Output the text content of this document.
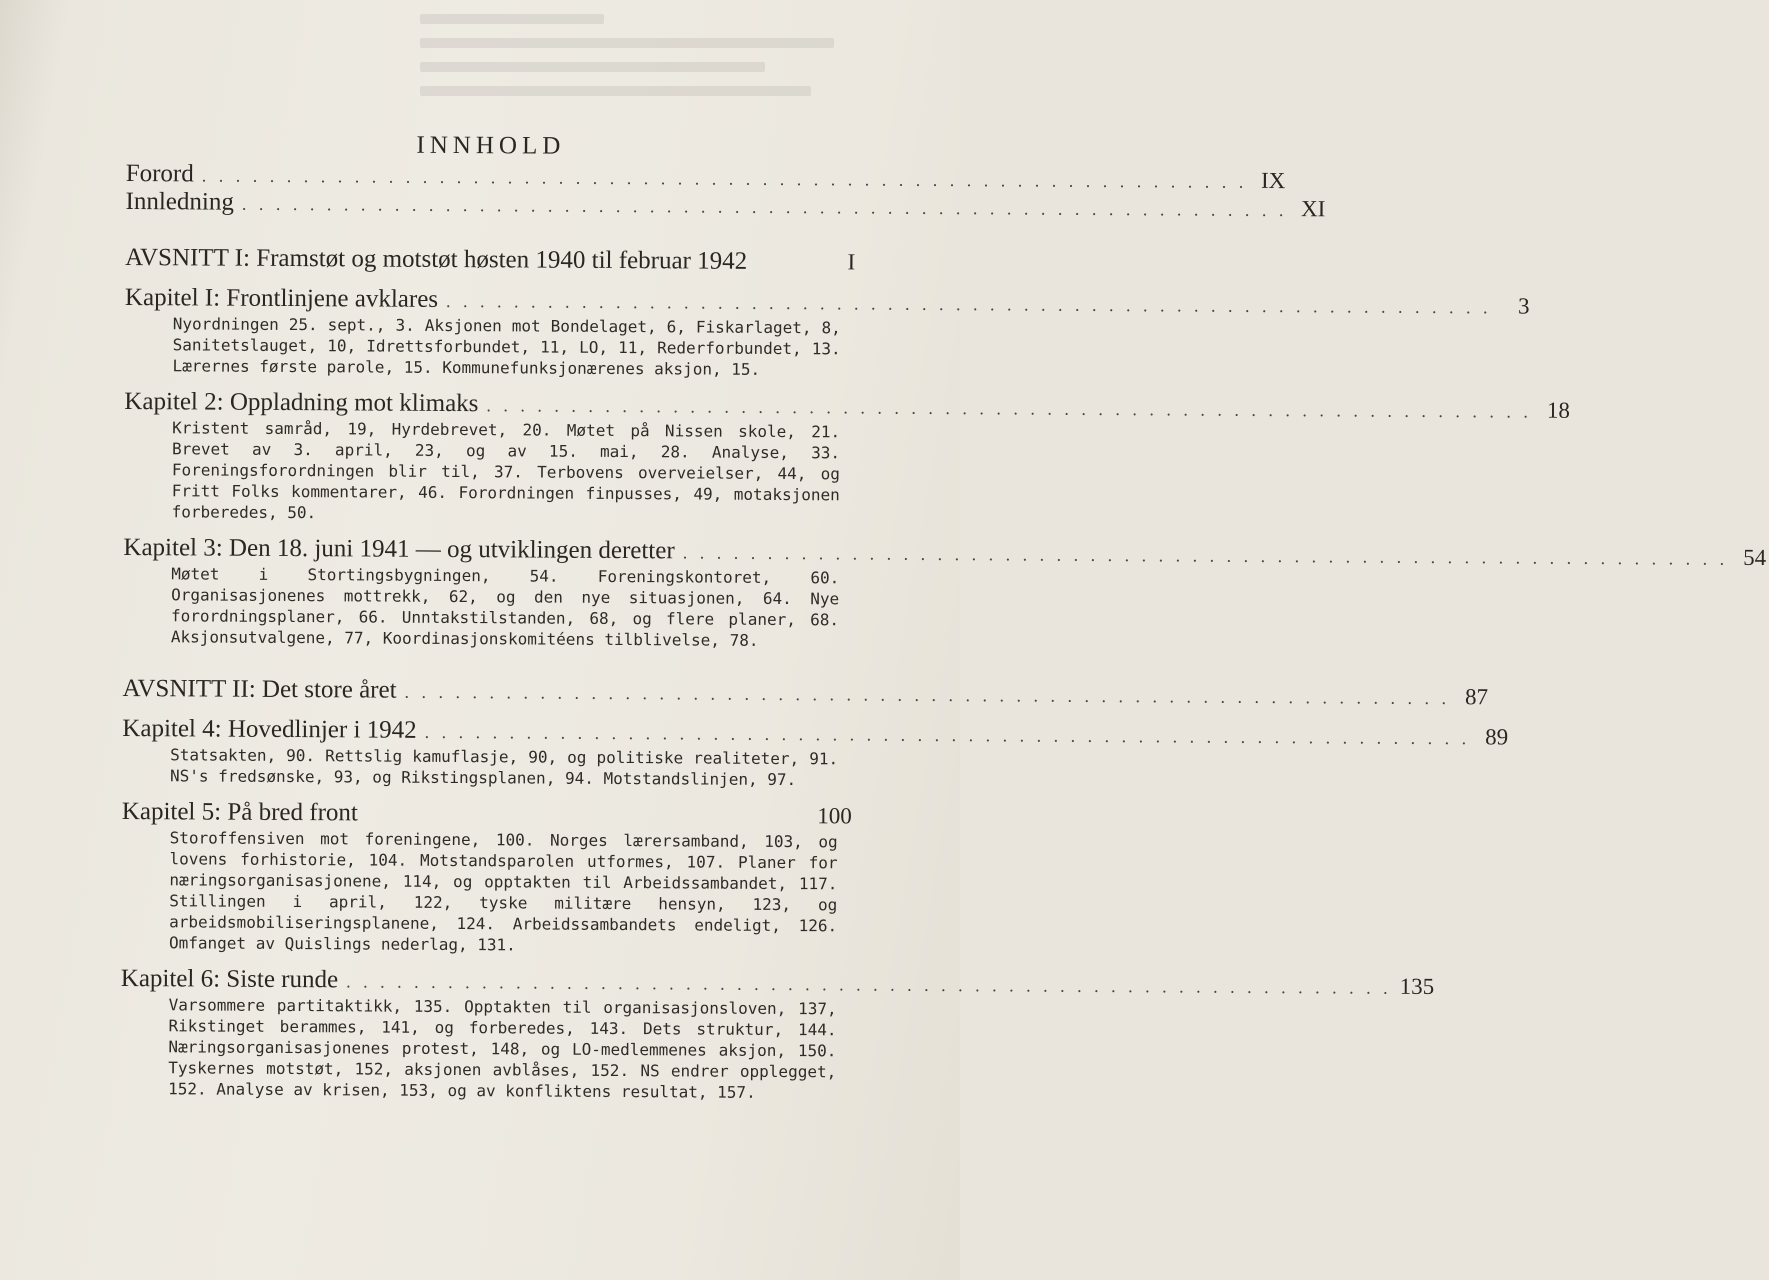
INNHOLD
Forord . . . . . . . . . . . . . . . . . . . . . . . . . . . . . . . . . . . . . . . . . . . . . . . . . . . . . . . . . . . . . . IX
Innledning . . . . . . . . . . . . . . . . . . . . . . . . . . . . . . . . . . . . . . . . . . . . . . . . . . . . . . . . . . . . . . XI
AVSNITT I: Framstøt og motstøt høsten 1940 til februar 1942	I
Kapitel I: Frontlinjene avklares . . . . . . . . . . . . . . . . . . . . . . . . . . . . . . . . . . . . . . . . . . . . . . . . . . . . . . . . . . . . . .	3
Nyordningen 25. sept., 3. Aksjonen mot Bondelaget, 6, Fiskarlaget, 8, Sanitetslauget, 10, Idrettsforbundet, 11, LO, 11, Rederforbundet, 13. Lærernes første parole, 15. Kommunefunksjonærenes aksjon, 15.
Kapitel 2: Oppladning mot klimaks . . . . . . . . . . . . . . . . . . . . . . . . . . . . . . . . . . . . . . . . . . . . . . . . . . . . . . . . . . . . . . 18
Kristent samråd, 19, Hyrdebrevet, 20. Møtet på Nissen skole, 21. Brevet av 3. april, 23, og av 15. mai, 28. Analyse, 33. Foreningsforordningen blir til, 37. Terbovens overveielser, 44, og Fritt Folks kommentarer, 46. Forordningen finpusses, 49, motaksjonen forberedes, 50.
Kapitel 3: Den 18. juni 1941 — og utviklingen deretter . . . . . . . . . . . . . . . . . . . . . . . . . . . . . . . . . . . . . . . . . . . . . . . . . . . . . . . . . . . . . . 54
Møtet i Stortingsbygningen, 54. Foreningskontoret, 60. Organisasjonenes mottrekk, 62, og den nye situasjonen, 64. Nye forordningsplaner, 66. Unntakstilstanden, 68, og flere planer, 68. Aksjonsutvalgene, 77, Koordinasjonskomitéens tilblivelse, 78.
AVSNITT II: Det store året . . . . . . . . . . . . . . . . . . . . . . . . . . . . . . . . . . . . . . . . . . . . . . . . . . . . . . . . . . . . . . 87
Kapitel 4: Hovedlinjer i 1942 . . . . . . . . . . . . . . . . . . . . . . . . . . . . . . . . . . . . . . . . . . . . . . . . . . . . . . . . . . . . . . 89
Statsakten, 90. Rettslig kamuflasje, 90, og politiske realiteter, 91. NS's fredsønske, 93, og Rikstingsplanen, 94. Motstandslinjen, 97.
Kapitel 5: På bred front	100
Storoffensiven mot foreningene, 100. Norges lærersamband, 103, og lovens forhistorie, 104. Motstandsparolen utformes, 107. Planer for næringsorganisasjonene, 114, og opptakten til Arbeidssambandet, 117. Stillingen i april, 122, tyske militære hensyn, 123, og arbeidsmobiliseringsplanene, 124. Arbeidssambandets endeligt, 126. Omfanget av Quislings nederlag, 131.
Kapitel 6: Siste runde . . . . . . . . . . . . . . . . . . . . . . . . . . . . . . . . . . . . . . . . . . . . . . . . . . . . . . . . . . . . . . 135
Varsommere partitaktikk, 135. Opptakten til organisasjonsloven, 137, Rikstinget berammes, 141, og forberedes, 143. Dets struktur, 144. Næringsorganisasjonenes protest, 148, og LO-medlemmenes aksjon, 150. Tyskernes motstøt, 152, aksjonen avblåses, 152. NS endrer opplegget, 152. Analyse av krisen, 153, og av konfliktens resultat, 157.
